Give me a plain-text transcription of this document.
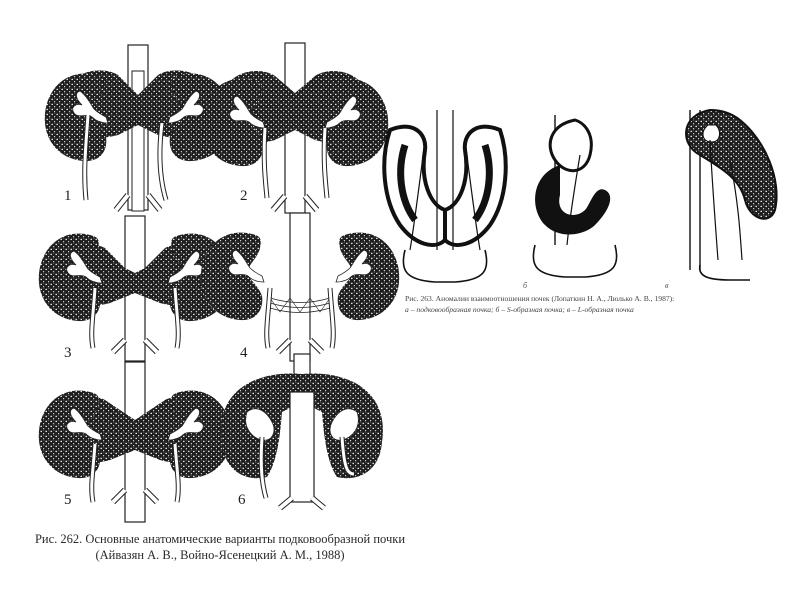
1	2
3	4
5	6
а	б	в
Рис. 263. Аномалии взаимоотношения почек (Лопаткин Н. А., Люлько А. В., 1987):
а – подковообразная почка; б – S-образная почка; в – L-образная почка
Рис. 262. Основные анатомические варианты подковообразной почки
(Айвазян А. В., Войно-Ясенецкий А. М., 1988)
